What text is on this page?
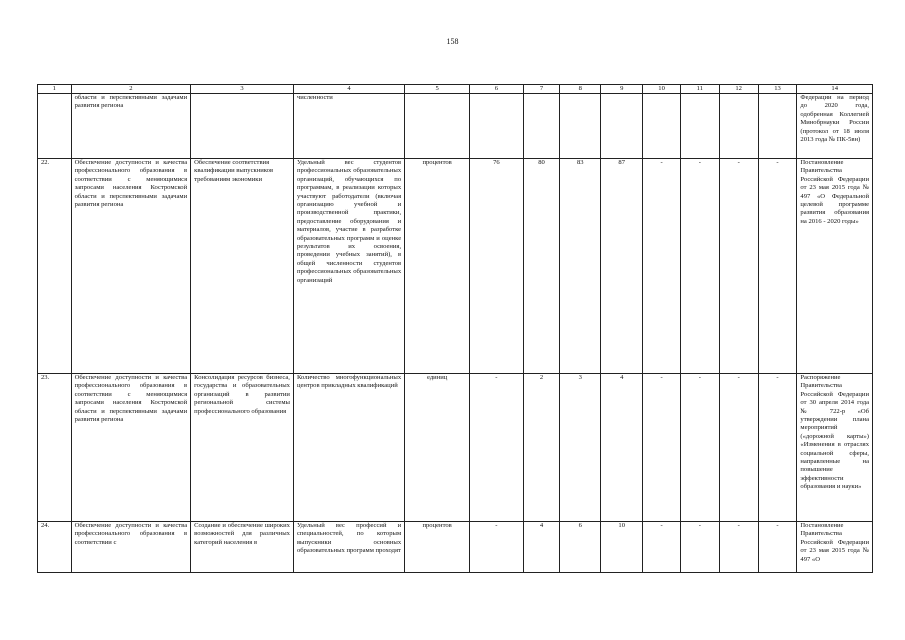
158
1	2	3	4	5	6	7	8	9	10	11	12	13	14
	области и перспективными задачами развития региона		численности										Федерации на период до 2020 года, одобренная Коллегией Минобрнауки России (протокол от 18 июля 2013 года № ПК-5вн)
22.	Обеспечение доступности и качества профессионального образования в соответствии с меняющимися запросами населения Костромской области и перспективными задачами развития региона	Обеспечение соответствия квалификации выпускников требованиям экономики	Удельный вес студентов профессиональных образовательных организаций, обучающихся по программам, в реализации которых участвуют работодатели (включая организацию учебной и производственной практики, предоставление оборудования и материалов, участие в разработке образовательных программ и оценке результатов их освоения, проведении учебных занятий), в общей численности студентов профессиональных образовательных организаций	процентов	76	80	83	87	-	-	-	-	Постановление Правительства Российской Федерации от 23 мая 2015 года № 497 «О Федеральной целевой программе развития образования на 2016 - 2020 годы»
23.	Обеспечение доступности и качества профессионального образования в соответствии с меняющимися запросами населения Костромской области и перспективными задачами развития региона	Консолидация ресурсов бизнеса, государства и образовательных организаций в развитии региональной системы профессионального образования	Количество многофункциональных центров прикладных квалификаций	единиц	-	2	3	4	-	-	-	-	Распоряжение Правительства Российской Федерации от 30 апреля 2014 года № 722-р «Об утверждении плана мероприятий («дорожной карты») «Изменения в отраслях социальной сферы, направленные на повышение эффективности образования и науки»
24.	Обеспечение доступности и качества профессионального образования в соответствии с	Создание и обеспечение широких возможностей для различных категорий населения в	Удельный вес профессий и специальностей, по которым выпускники основных образовательных программ проходят	процентов	-	4	6	10	-	-	-	-	Постановление Правительства Российской Федерации от 23 мая 2015 года № 497 «О
